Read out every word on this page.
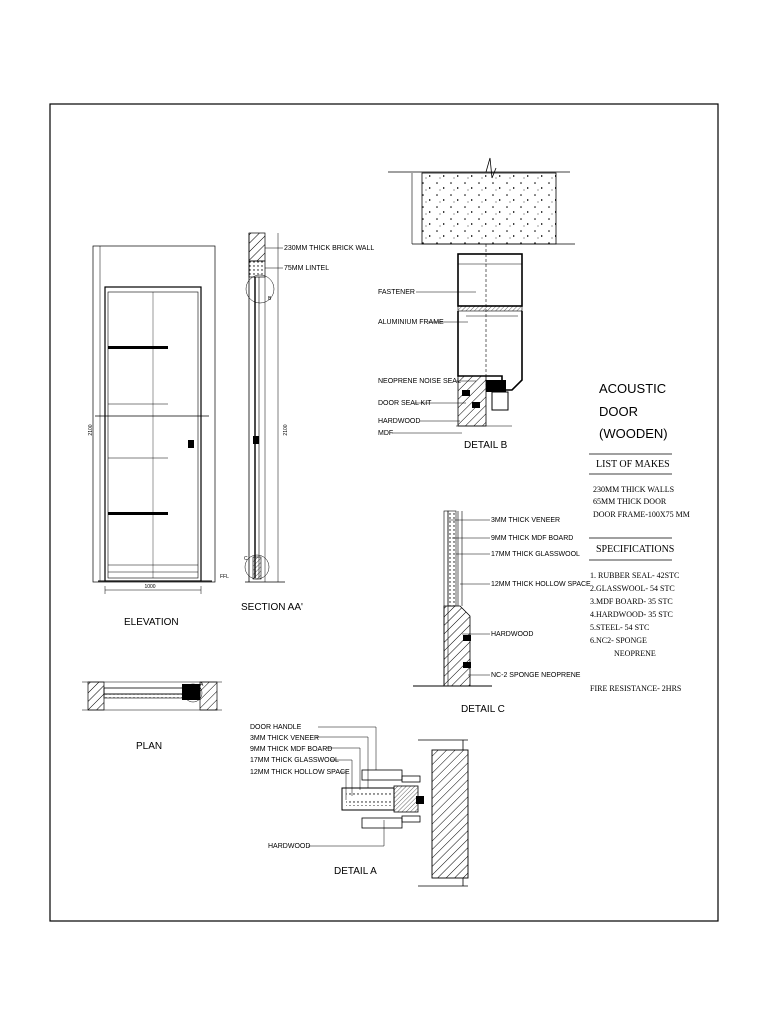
1000
2100
FFL
ELEVATION
B
C
2100
230MM THICK BRICK WALL
75MM LINTEL
SECTION AA'
FASTENER
ALUMINIUM FRAME
NEOPRENE NOISE SEAL
DOOR SEAL KIT
HARDWOOD
MDF
DETAIL B
3MM THICK VENEER
9MM THICK MDF BOARD
17MM THICK GLASSWOOL
12MM THICK HOLLOW SPACE
HARDWOOD
NC-2 SPONGE NEOPRENE
DETAIL C
A
PLAN
DOOR HANDLE
3MM THICK VENEER
9MM THICK MDF BOARD
17MM THICK GLASSWOOL
12MM THICK HOLLOW SPACE
HARDWOOD
DETAIL A
ACOUSTIC
DOOR
(WOODEN)
LIST OF MAKES
230MM THICK WALLS
65MM THICK DOOR
DOOR FRAME-100X75 MM
SPECIFICATIONS
1. RUBBER SEAL- 42STC
2.GLASSWOOL- 54 STC
3.MDF BOARD- 35 STC
4.HARDWOOD- 35 STC
5.STEEL- 54 STC
6.NC2- SPONGE
NEOPRENE
FIRE RESISTANCE- 2HRS
